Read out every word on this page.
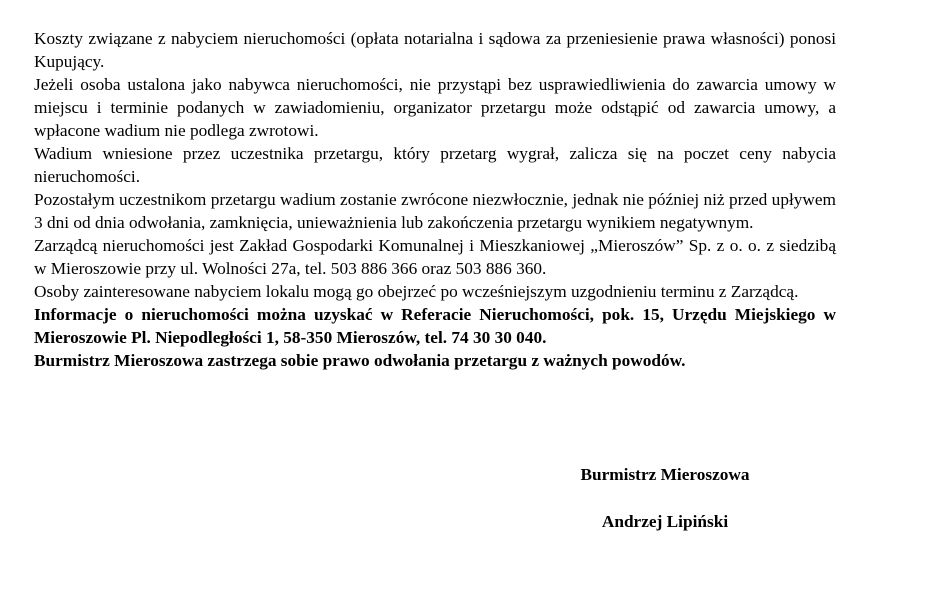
Koszty związane z nabyciem nieruchomości (opłata notarialna i sądowa za przeniesienie prawa własności) ponosi Kupujący.

Jeżeli osoba ustalona jako nabywca nieruchomości, nie przystąpi bez usprawiedliwienia do zawarcia umowy w miejscu i terminie podanych w zawiadomieniu, organizator przetargu może odstąpić od zawarcia umowy, a wpłacone wadium nie podlega zwrotowi.

Wadium wniesione przez uczestnika przetargu, który przetarg wygrał, zalicza się na poczet ceny nabycia nieruchomości.

Pozostałym uczestnikom przetargu wadium zostanie zwrócone niezwłocznie, jednak nie później niż przed upływem 3 dni od dnia odwołania, zamknięcia, unieważnienia lub zakończenia przetargu wynikiem negatywnym.

Zarządcą nieruchomości jest Zakład Gospodarki Komunalnej i Mieszkaniowej „Mieroszów” Sp. z o. o. z siedzibą w Mieroszowie przy ul. Wolności 27a, tel. 503 886 366 oraz 503 886 360.

Osoby zainteresowane nabyciem lokalu mogą go obejrzeć po wcześniejszym uzgodnieniu terminu z Zarządcą.

Informacje o nieruchomości można uzyskać w Referacie Nieruchomości, pok. 15, Urzędu Miejskiego w Mieroszowie Pl. Niepodległości 1, 58-350 Mieroszów, tel. 74 30 30 040.

Burmistrz Mieroszowa zastrzega sobie prawo odwołania przetargu z ważnych powodów.

Burmistrz Mieroszowa
Andrzej Lipiński
